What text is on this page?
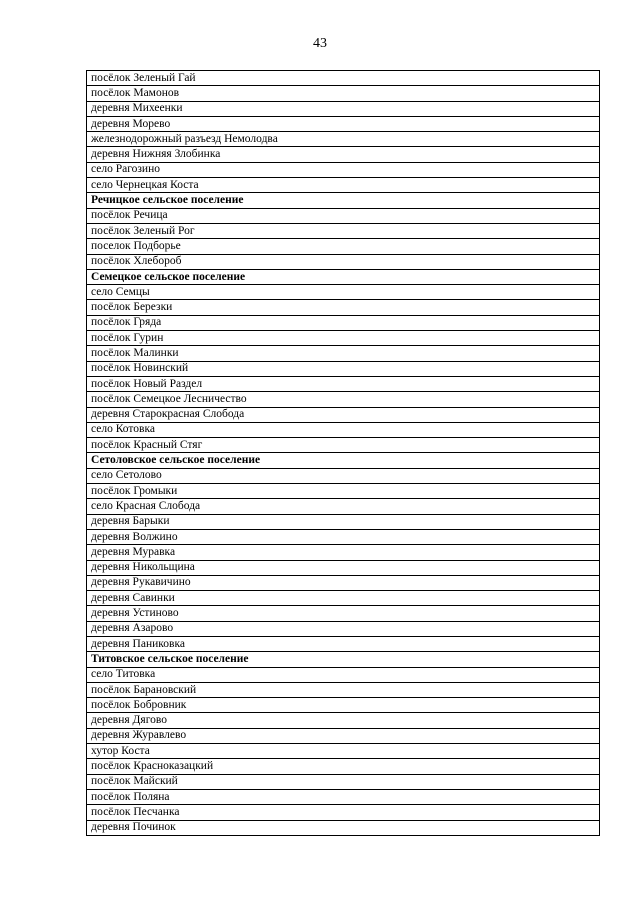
43
посёлок Зеленый Гай
посёлок Мамонов
деревня Михеенки
деревня Морево
железнодорожный разъезд Немолодва
деревня Нижняя Злобинка
село Рагозино
село Чернецкая Коста
Речицкое сельское поселение
посёлок Речица
посёлок Зеленый Рог
поселок Подборье
посёлок Хлебороб
Семецкое сельское поселение
село Семцы
посёлок Березки
посёлок Гряда
посёлок Гурин
посёлок Малинки
посёлок Новинский
посёлок Новый Раздел
посёлок Семецкое Лесничество
деревня Старокрасная Слобода
село Котовка
посёлок Красный Стяг
Сетоловское сельское поселение
село Сетолово
посёлок Громыки
село Красная Слобода
деревня Барыки
деревня Волжино
деревня Муравка
деревня Никольщина
деревня Рукавичино
деревня Савинки
деревня Устиново
деревня Азарово
деревня Паниковка
Титовское сельское поселение
село Титовка
посёлок Барановский
посёлок Бобровник
деревня Дягово
деревня Журавлево
хутор Коста
посёлок Краснοказацкий
посёлок Майский
посёлок Поляна
посёлок Песчанка
деревня Починок
